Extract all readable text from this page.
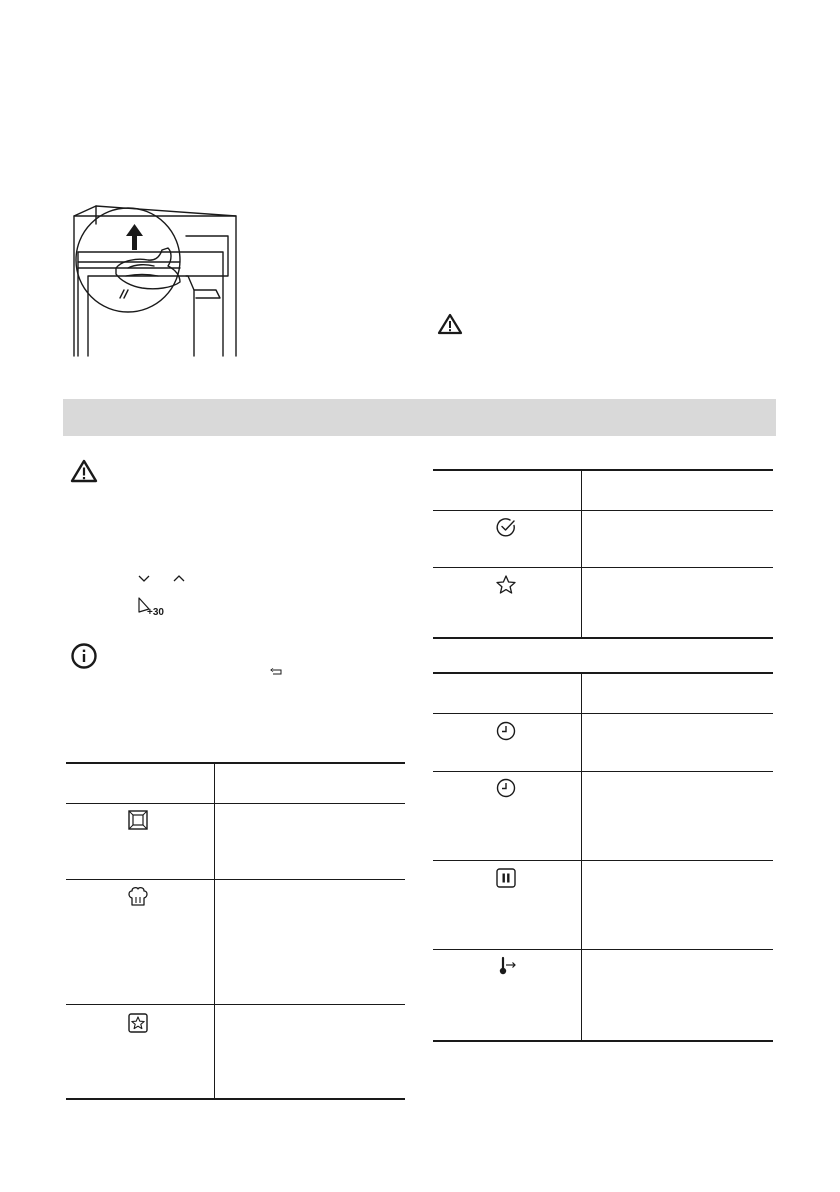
+30
